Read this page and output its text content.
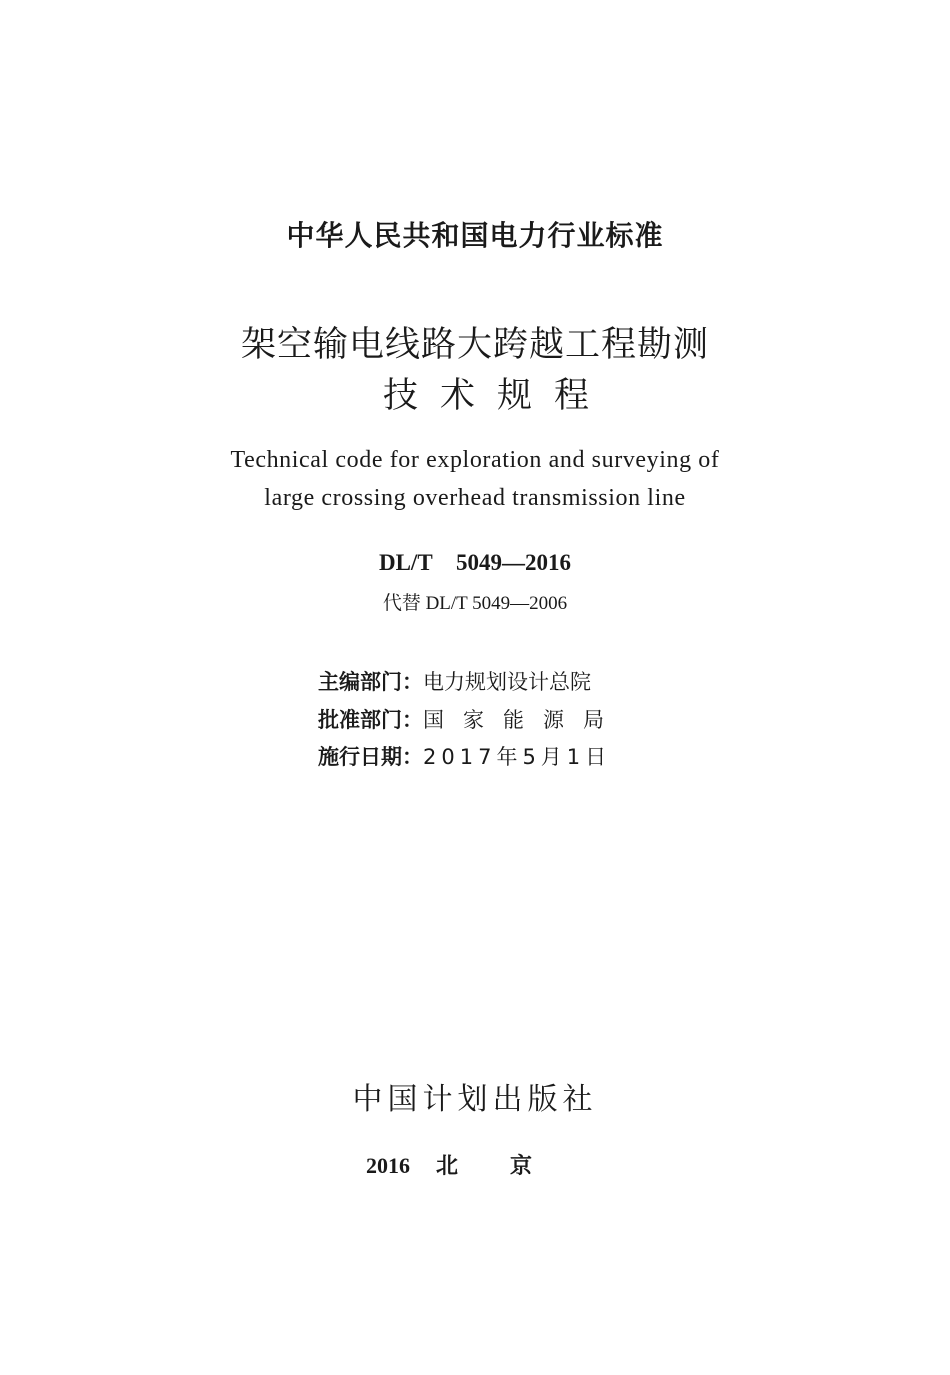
中华人民共和国电力行业标准
架空输电线路大跨越工程勘测
技术规程
Technical code for exploration and surveying of
large crossing overhead transmission line
DL/T 5049—2016
代替 DL/T 5049—2006
主编部门：电力规划设计总院
批准部门：国家能源局
施行日期：2017年5月1日
中国计划出版社
2016 北京
